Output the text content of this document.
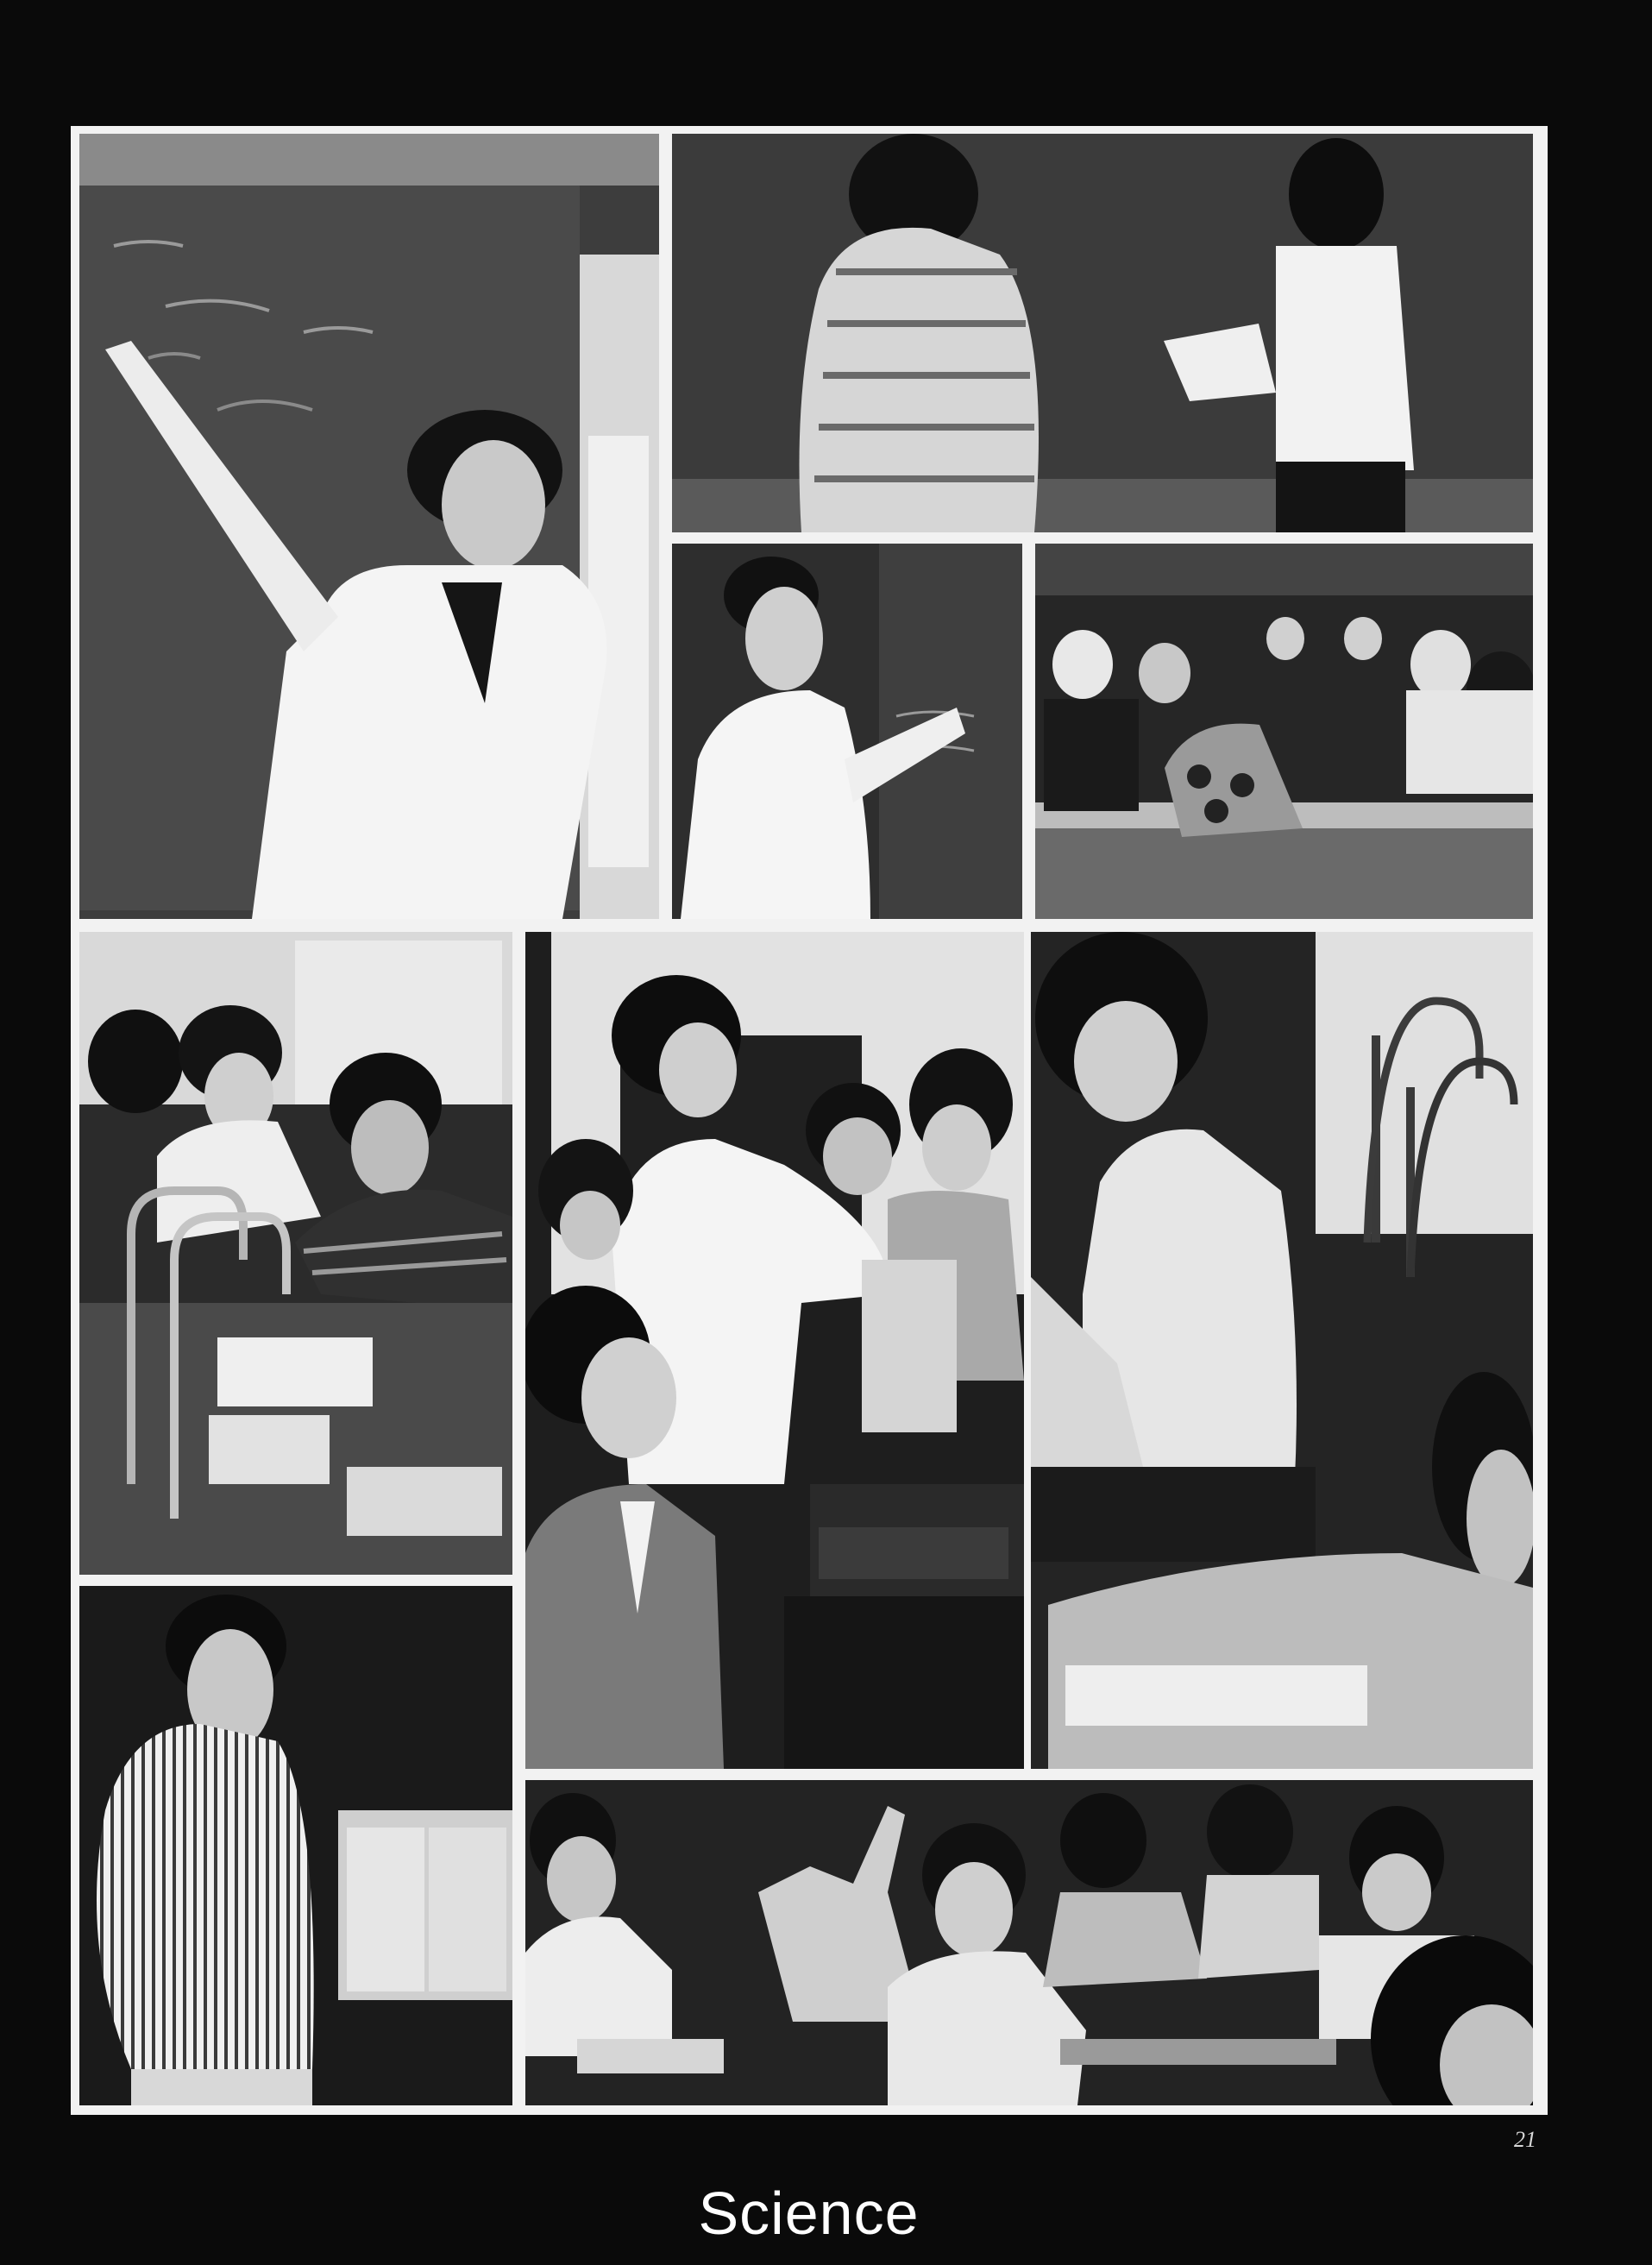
21
Science
